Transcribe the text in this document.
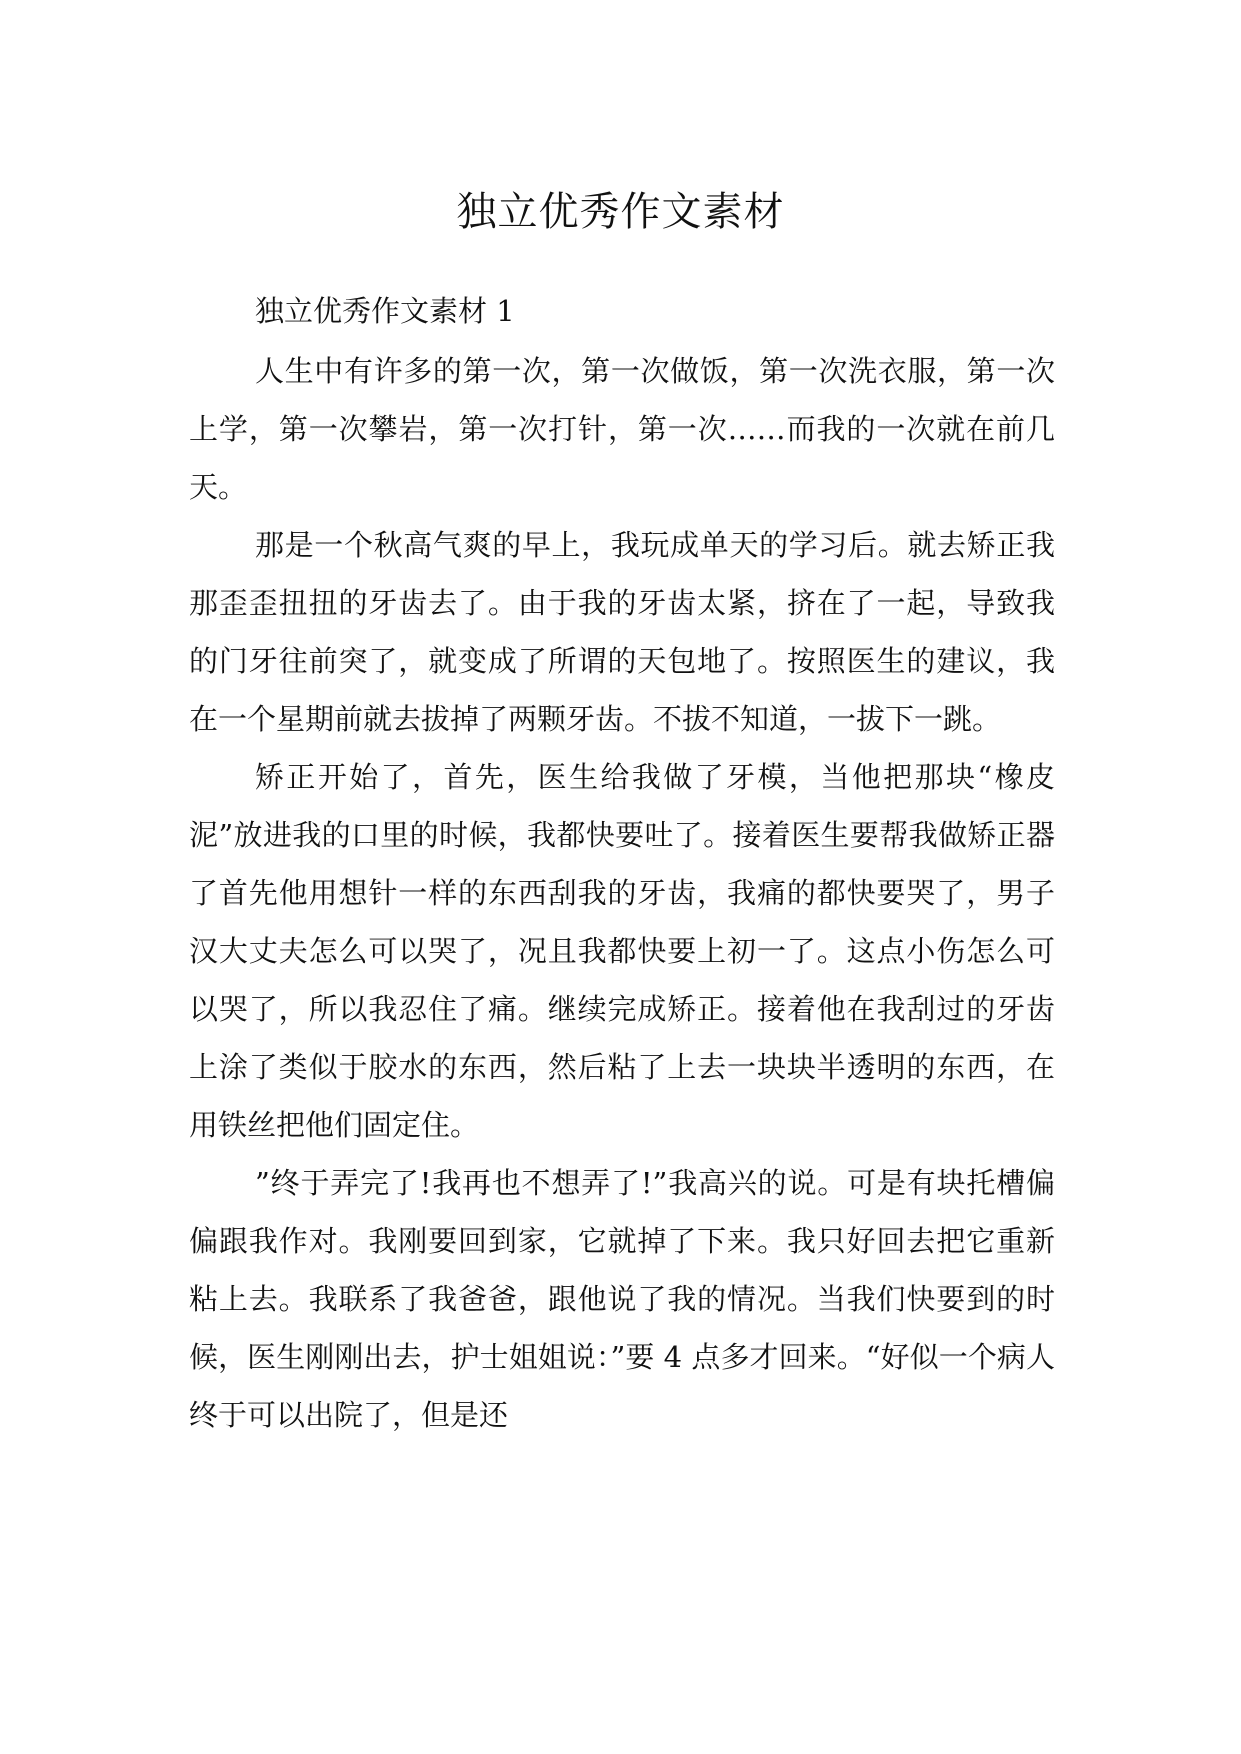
独立优秀作文素材

独立优秀作文素材 1

人生中有许多的第一次，第一次做饭，第一次洗衣服，第一次上学，第一次攀岩，第一次打针，第一次……而我的一次就在前几天。

那是一个秋高气爽的早上，我玩成单天的学习后。就去矫正我那歪歪扭扭的牙齿去了。由于我的牙齿太紧，挤在了一起，导致我的门牙往前突了，就变成了所谓的天包地了。按照医生的建议，我在一个星期前就去拔掉了两颗牙齿。不拔不知道，一拔下一跳。

矫正开始了，首先，医生给我做了牙模，当他把那块“橡皮泥”放进我的口里的时候，我都快要吐了。接着医生要帮我做矫正器了首先他用想针一样的东西刮我的牙齿，我痛的都快要哭了，男子汉大丈夫怎么可以哭了，况且我都快要上初一了。这点小伤怎么可以哭了，所以我忍住了痛。继续完成矫正。接着他在我刮过的牙齿上涂了类似于胶水的东西，然后粘了上去一块块半透明的东西，在用铁丝把他们固定住。

”终于弄完了!我再也不想弄了!”我高兴的说。可是有块托槽偏偏跟我作对。我刚要回到家，它就掉了下来。我只好回去把它重新粘上去。我联系了我爸爸，跟他说了我的情况。当我们快要到的时候，医生刚刚出去，护士姐姐说：”要 4 点多才回来。“好似一个病人终于可以出院了，但是还
